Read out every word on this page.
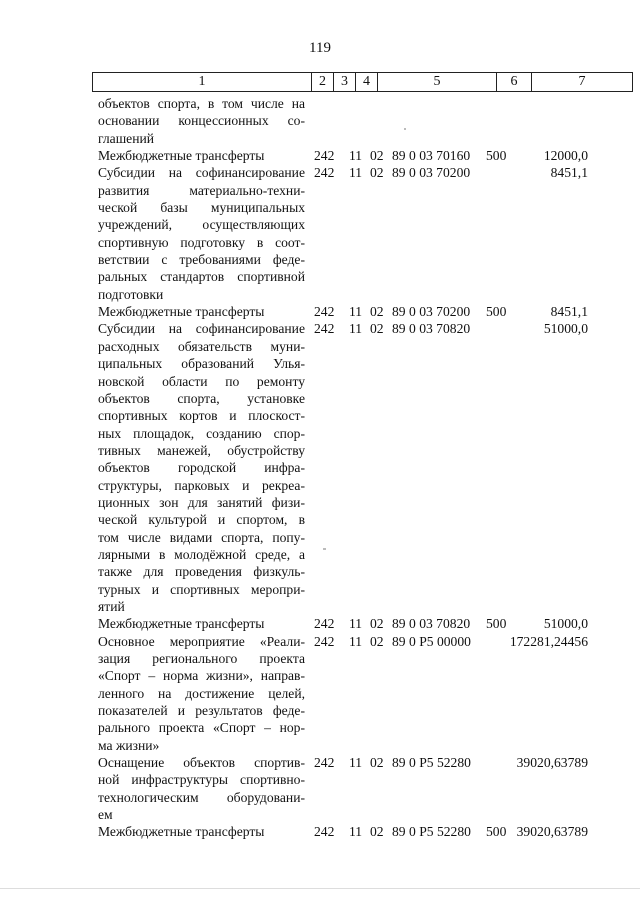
119
1	2	3	4	5	6	7
объектов спорта, в том числе на
основании концессионных со-
глашений
Межбюджетные трансферты	242 11 02 89 0 03 70160 500	12000,0
Субсидии на софинансирование
развития материально-техни-
ческой базы муниципальных
учреждений, осуществляющих
спортивную подготовку в соот-
ветствии с требованиями феде-
ральных стандартов спортивной
подготовки
242 11 02 89 0 03 70200	8451,1
Межбюджетные трансферты	242 11 02 89 0 03 70200 500	8451,1
Субсидии на софинансирование
расходных обязательств муни-
ципальных образований Улья-
новской области по ремонту
объектов спорта, установке
спортивных кортов и плоскост-
ных площадок, созданию спор-
тивных манежей, обустройству
объектов городской инфра-
структуры, парковых и рекреа-
ционных зон для занятий физи-
ческой культурой и спортом, в
том числе видами спорта, попу-
лярными в молодёжной среде, а
также для проведения физкуль-
турных и спортивных меропри-
ятий
242 11 02 89 0 03 70820	51000,0
Межбюджетные трансферты	242 11 02 89 0 03 70820 500	51000,0
Основное мероприятие «Реали-
зация регионального проекта
«Спорт – норма жизни», направ-
ленного на достижение целей,
показателей и результатов феде-
рального проекта «Спорт – нор-
ма жизни»
242 11 02 89 0 P5 00000	172281,24456
Оснащение объектов спортив-
ной инфраструктуры спортивно-
технологическим оборудовани-
ем
242 11 02 89 0 P5 52280	39020,63789
Межбюджетные трансферты	242 11 02 89 0 P5 52280 500 39020,63789
